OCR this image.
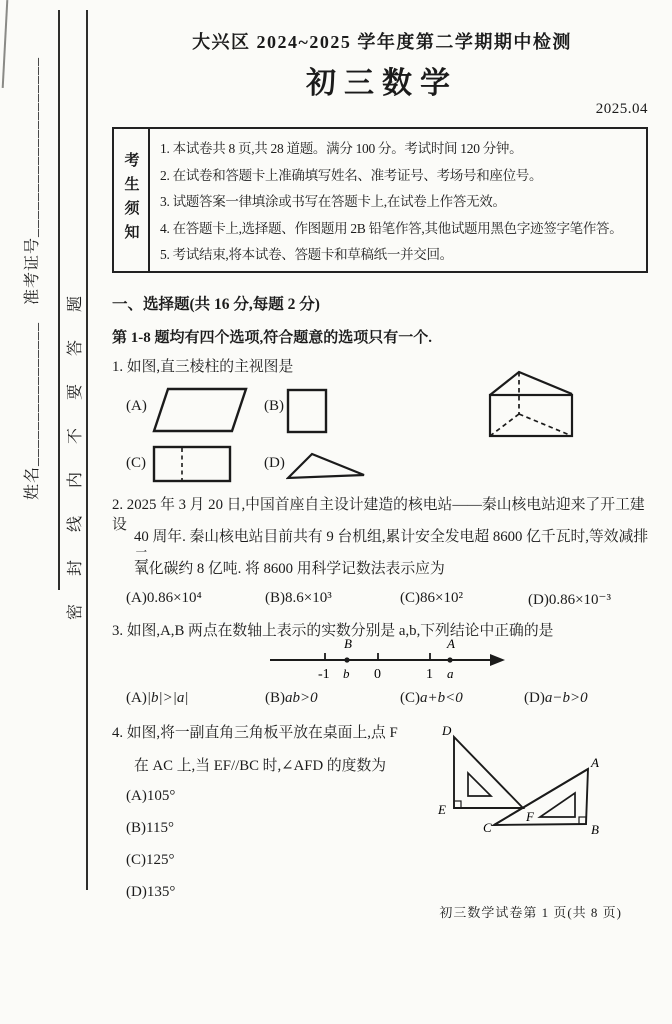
姓名________________　准考证号____________________	密　封　线　内　不　要　答　题
大兴区 2024~2025 学年度第二学期期中检测
初三数学
2025.04
考生须知
1. 本试卷共 8 页,共 28 道题。满分 100 分。考试时间 120 分钟。
2. 在试卷和答题卡上准确填写姓名、准考证号、考场号和座位号。
3. 试题答案一律填涂或书写在答题卡上,在试卷上作答无效。
4. 在答题卡上,选择题、作图题用 2B 铅笔作答,其他试题用黑色字迹签字笔作答。
5. 考试结束,将本试卷、答题卡和草稿纸一并交回。
一、选择题(共 16 分,每题 2 分)
第 1-8 题均有四个选项,符合题意的选项只有一个.
1. 如图,直三棱柱的主视图是
(A)	(B)
(C)	(D)
2. 2025 年 3 月 20 日,中国首座自主设计建造的核电站——秦山核电站迎来了开工建设
40 周年. 秦山核电站目前共有 9 台机组,累计安全发电超 8600 亿千瓦时,等效减排二
氧化碳约 8 亿吨. 将 8600 用科学记数法表示应为
(A)0.86×10⁴	(B)8.6×10³	(C)86×10²	(D)0.86×10⁻³
3. 如图,A,B 两点在数轴上表示的实数分别是 a,b,下列结论中正确的是
B	A
-1 b 0	1 a
(A)|b|>|a|	(B)ab>0	(C)a+b<0	(D)a−b>0
4. 如图,将一副直角三角板平放在桌面上,点 F
在 AC 上,当 EF//BC 时,∠AFD 的度数为
(A)105°
(B)115°
(C)125°
(D)135°
D
E	F
C
A
B
初三数学试卷第 1 页(共 8 页)
